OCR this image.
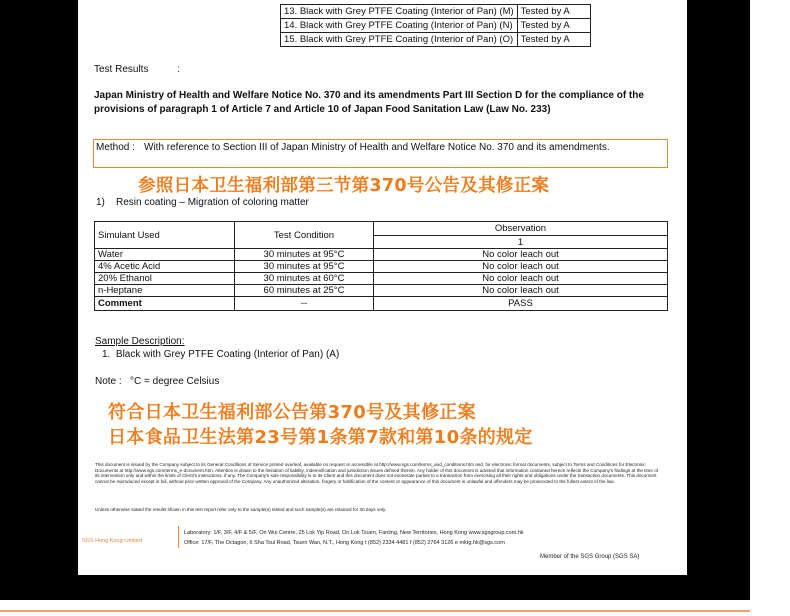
13. Black with Grey PTFE Coating (Interior of Pan) (M)	Tested by A
14. Black with Grey PTFE Coating (Interior of Pan) (N)	Tested by A
15. Black with Grey PTFE Coating (Interior of Pan) (O)	Tested by A
Test Results	:
Japan Ministry of Health and Welfare Notice No. 370 and its amendments Part III Section D for the compliance of the provisions of paragraph 1 of Article 7 and Article 10 of Japan Food Sanitation Law (Law No. 233)
Method : With reference to Section III of Japan Ministry of Health and Welfare Notice No. 370 and its amendments.
参照日本卫生福利部第三节第370号公告及其修正案
1)    Resin coating – Migration of coloring matter
Simulant Used	Test Condition	Observation
		1
Water	30 minutes at 95°C	No color leach out
4% Acetic Acid	30 minutes at 95°C	No color leach out
20% Ethanol	30 minutes at 60°C	No color leach out
n-Heptane	60 minutes at 25°C	No color leach out
Comment	--	PASS
Sample Description:
1.  Black with Grey PTFE Coating (Interior of Pan) (A)
Note :   °C = degree Celsius
符合日本卫生福利部公告第370号及其修正案
日本食品卫生法第23号第1条第7款和第10条的规定
This document is issued by the Company subject to its General Conditions of Service printed overleaf, available on request or accessible at http://www.sgs.com/terms_and_conditions.htm and, for electronic format documents, subject to Terms and Conditions for Electronic Documents at http://www.sgs.com/terms_e-document.htm. Attention is drawn to the limitation of liability, indemnification and jurisdiction issues defined therein. Any holder of this document is advised that information contained hereon reflects the Company's findings at the time of its intervention only and within the limits of Client's instructions, if any. The Company's sole responsibility is to its Client and this document does not exonerate parties to a transaction from exercising all their rights and obligations under the transaction documents. This document cannot be reproduced except in full, without prior written approval of the Company. Any unauthorized alteration, forgery or falsification of the content or appearance of this document is unlawful and offenders may be prosecuted to the fullest extent of the law.
Unless otherwise stated the results shown in this test report refer only to the sample(s) tested and such sample(s) are retained for 30 days only.
SGS Hong Kong Limited
Laboratory: 1/F, 3/F, 4/F & 5/F, On Wui Centre, 25 Lok Yip Road, On Lok Tsuen, Fanling, New Territories, Hong Kong www.sgsgroup.com.hk
Office: 17/F, The Octagon, 6 Sha Tsui Road, Tsuen Wan, N.T., Hong Kong t (852) 2334 4481 f (852) 2764 3126 e mktg.hk@sgs.com
Member of the SGS Group (SGS SA)
